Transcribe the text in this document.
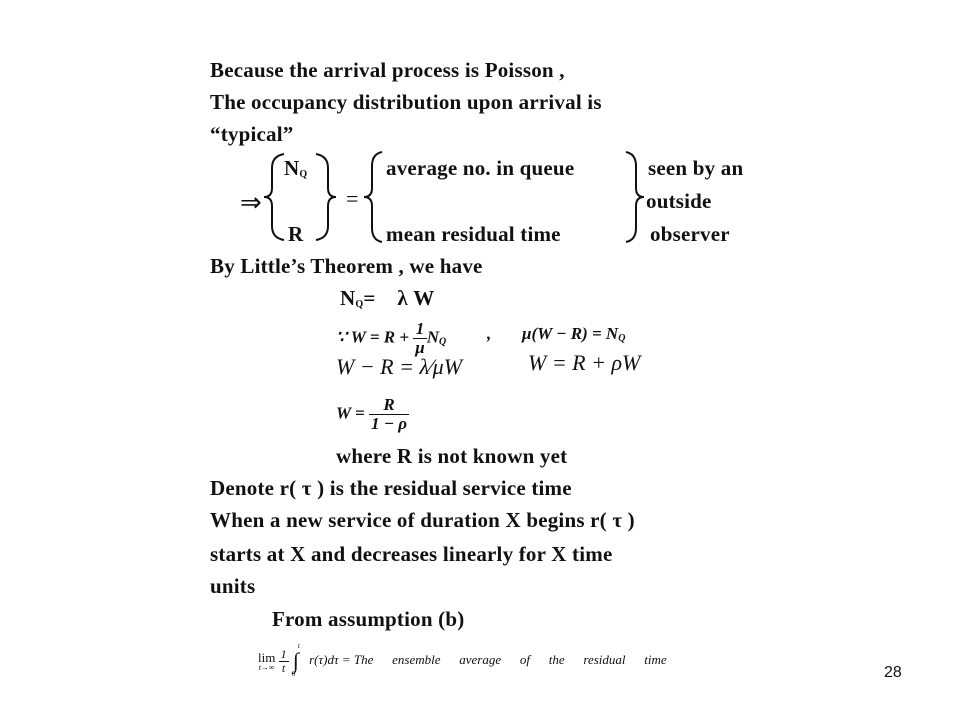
Because the arrival process is Poisson ,
The occupancy distribution upon arrival is
“typical”
⇒
$N_Q$
R
=
average no. in queue
mean residual time
seen by an
outside
observer
By Little’s Theorem , we have
$N_Q=$    λ W
∵ $W = R + \frac{1}{\mu} N_Q$ , $\mu(W - R) = N_Q$
W − R = λ⁄μW	W = R + ρW
$W = \frac{R}{1 - \rho}$
where R is not known yet
Denote r( τ ) is the residual service time
When a new service of duration X begins r( τ )
starts at X and decreases linearly for X time
units
From assumption (b)
lim
t→∞
$\frac{1}{t}$

t
∫
0
r(τ)dτ = The   ensemble   average   of   the   residual   time
28
